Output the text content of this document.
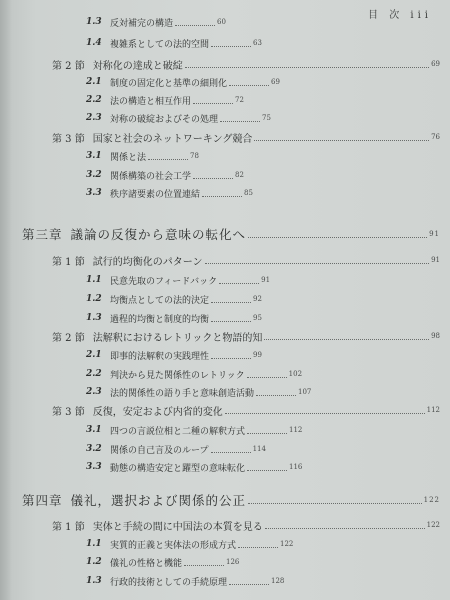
目 次 iii
1.3 反対補完の構造	60
1.4 複雑系としての法的空間	63
第 2 節 対称化の達成と破綻	69
2.1 制度の固定化と基準の細則化	69
2.2 法の構造と相互作用	72
2.3 対称の破綻およびその処理	75
第 3 節 国家と社会のネットワーキング競合	76
3.1 関係と法	78
3.2 関係構築の社会工学	82
3.3 秩序諸要素の位置連結	85
第三章 議論の反復から意味の転化へ	91
第 1 節 試行的均衡化のパターン	91
1.1 民意先取のフィードバック	91
1.2 均衡点としての法的決定	92
1.3 過程的均衡と制度的均衡	95
第 2 節 法解釈におけるレトリックと物語的知	98
2.1 即事的法解釈の実践理性	99
2.2 判決から見た関係性のレトリック	102
2.3 法的関係性の語り手と意味創造活動	107
第 3 節 反復，安定および内省的変化	112
3.1 四つの言説位相と二種の解釈方式	112
3.2 関係の自己言及のループ	114
3.3 動態の構造安定と躍型の意味転化	116
第四章 儀礼，選択および関係的公正	122
第 1 節 実体と手続の間に中国法の本質を見る	122
1.1 実質的正義と実体法の形成方式	122
1.2 儀礼の性格と機能	126
1.3 行政的技術としての手続原理	128
